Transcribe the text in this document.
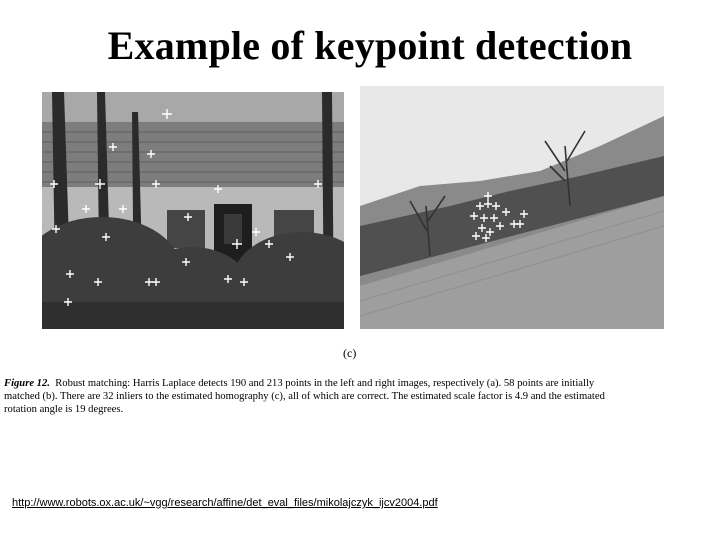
Example of keypoint detection
(c)
Figure 12. Robust matching: Harris Laplace detects 190 and 213 points in the left and right images, respectively (a). 58 points are initially
matched (b). There are 32 inliers to the estimated homography (c), all of which are correct. The estimated scale factor is 4.9 and the estimated
rotation angle is 19 degrees.
http://www.robots.ox.ac.uk/~vgg/research/affine/det_eval_files/mikolajczyk_ijcv2004.pdf
